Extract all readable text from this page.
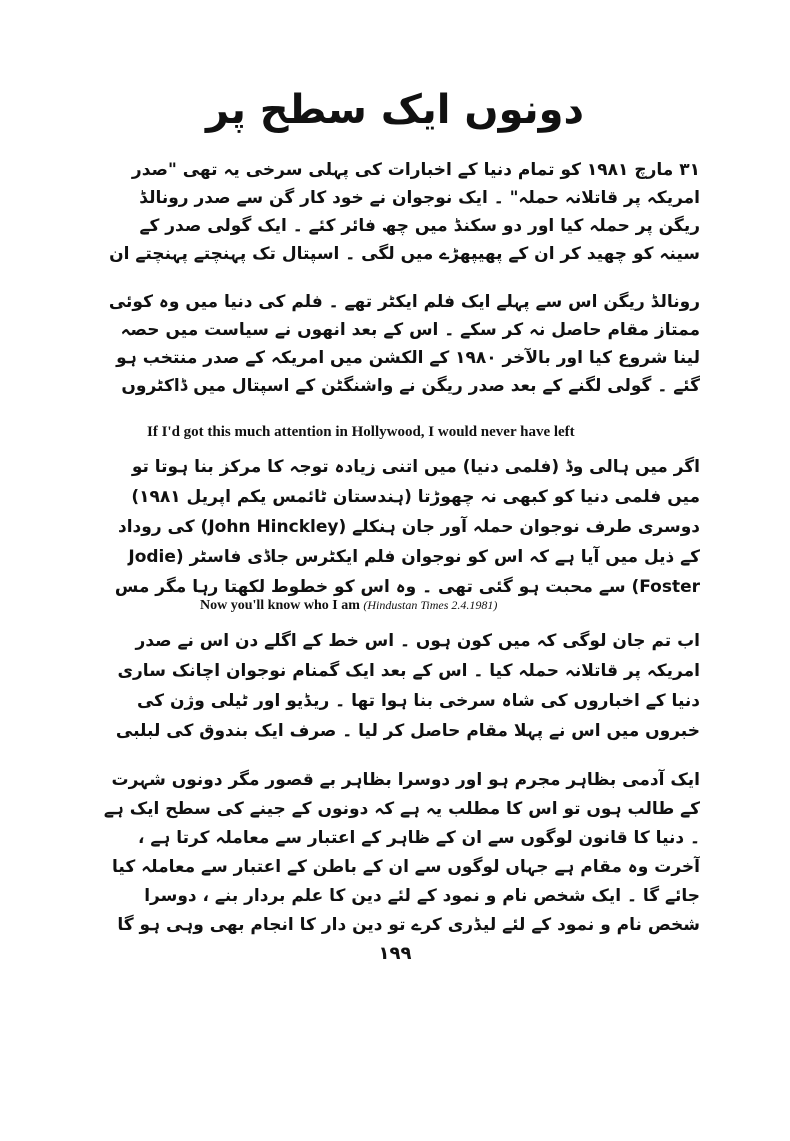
دونوں ایک سطح پر
۳۱ مارچ ۱۹۸۱ کو تمام دنیا کے اخبارات کی پہلی سرخی یہ تھی "صدر امریکہ پر قاتلانہ حملہ" ۔ ایک نوجوان نے خود کار گن سے صدر رونالڈ ریگن پر حملہ کیا اور دو سکنڈ میں چھ فائر کئے ۔ ایک گولی صدر کے سینہ کو چھید کر ان کے پھیپھڑے میں لگی ۔ اسپتال تک پہنچتے پہنچتے ان
رونالڈ ریگن اس سے پہلے ایک فلم ایکٹر تھے ۔ فلم کی دنیا میں وہ کوئی ممتاز مقام حاصل نہ کر سکے ۔ اس کے بعد انھوں نے سیاست میں حصہ لینا شروع کیا اور بالآخر ۱۹۸۰ کے الکشن میں امریکہ کے صدر منتخب ہو گئے ۔ گولی لگنے کے بعد صدر ریگن نے واشنگٹن کے اسپتال میں ڈاکٹروں
If I'd got this much attention in Hollywood, I would never have left
اگر میں ہالی وڈ (فلمی دنیا) میں اتنی زیادہ توجہ کا مرکز بنا ہوتا تو میں فلمی دنیا کو کبھی نہ چھوڑتا (ہندستان ٹائمس یکم اپریل ۱۹۸۱) دوسری طرف نوجوان حملہ آور جان ہنکلے (John Hinckley) کی روداد کے ذیل میں آیا ہے کہ اس کو نوجوان فلم ایکٹرس جاڈی فاسٹر (Jodie Foster) سے محبت ہو گئی تھی ۔ وہ اس کو خطوط لکھتا رہا مگر مس
Now you'll know who I am (Hindustan Times 2.4.1981)
اب تم جان لوگی کہ میں کون ہوں ۔ اس خط کے اگلے دن اس نے صدر امریکہ پر قاتلانہ حملہ کیا ۔ اس کے بعد ایک گمنام نوجوان اچانک ساری دنیا کے اخباروں کی شاہ سرخی بنا ہوا تھا ۔ ریڈیو اور ٹیلی وژن کی خبروں میں اس نے پہلا مقام حاصل کر لیا ۔ صرف ایک بندوق کی لبلبی
ایک آدمی بظاہر مجرم ہو اور دوسرا بظاہر بے قصور مگر دونوں شہرت کے طالب ہوں تو اس کا مطلب یہ ہے کہ دونوں کے جینے کی سطح ایک ہے ۔ دنیا کا قانون لوگوں سے ان کے ظاہر کے اعتبار سے معاملہ کرتا ہے ، آخرت وہ مقام ہے جہاں لوگوں سے ان کے باطن کے اعتبار سے معاملہ کیا جائے گا ۔ ایک شخص نام و نمود کے لئے دین کا علم بردار بنے ، دوسرا شخص نام و نمود کے لئے لیڈری کرے تو دین دار کا انجام بھی وہی ہو گا
۱۹۹
